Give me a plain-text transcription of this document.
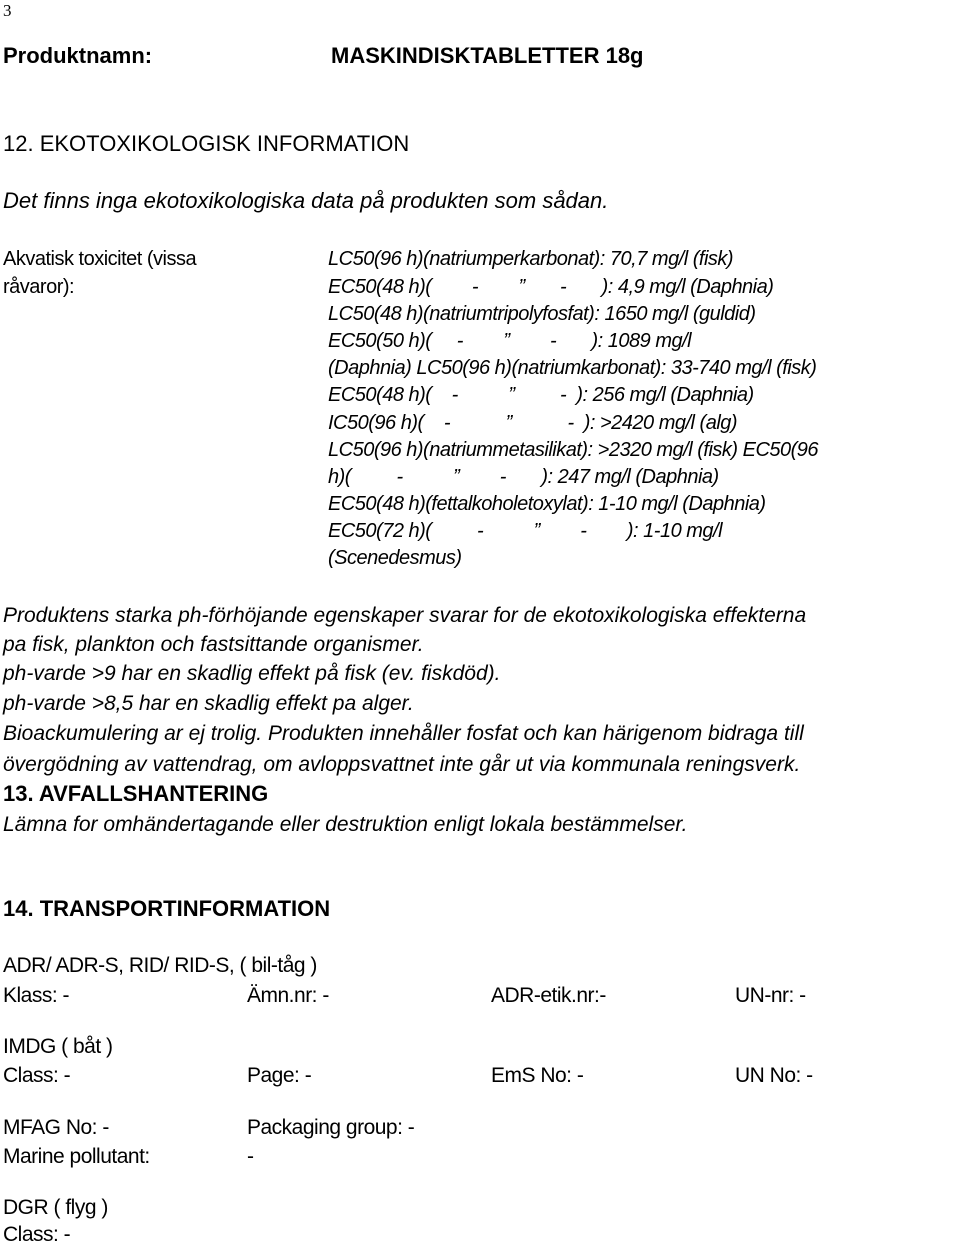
3
Produktnamn:	MASKINDISKTABLETTER 18g
12. EKOTOXIKOLOGISK INFORMATION
Det finns inga ekotoxikologiska data på produkten som sådan.
Akvatisk toxicitet (vissa
råvaror):
LC50(96 h)(natriumperkarbonat): 70,7 mg/l (fisk)
EC50(48 h)(        -        ”       -       ): 4,9 mg/l (Daphnia)
LC50(48 h)(natriumtripolyfosfat): 1650 mg/l (guldid)
EC50(50 h)(     -        ”        -       ): 1089 mg/l
(Daphnia) LC50(96 h)(natriumkarbonat): 33-740 mg/l (fisk)
EC50(48 h)(    -          ”         -  ): 256 mg/l (Daphnia)
IC50(96 h)(    -           ”           -  ): >2420 mg/l (alg)
LC50(96 h)(natriummetasilikat): >2320 mg/l (fisk) EC50(96
h)(         -          ”        -       ): 247 mg/l (Daphnia)
EC50(48 h)(fettalkoholetoxylat): 1-10 mg/l (Daphnia)
EC50(72 h)(         -          ”        -        ): 1-10 mg/l
(Scenedesmus)
Produktens starka ph-förhöjande egenskaper svarar for de ekotoxikologiska effekterna
pa fisk, plankton och fastsittande organismer.
ph-varde >9 har en skadlig effekt på fisk (ev. fiskdöd).
ph-varde >8,5 har en skadlig effekt pa alger.
Bioackumulering ar ej trolig. Produkten innehåller fosfat och kan härigenom bidraga till
övergödning av vattendrag, om avloppsvattnet inte går ut via kommunala reningsverk.
13. AVFALLSHANTERING
Lämna for omhändertagande eller destruktion enligt lokala bestämmelser.
14. TRANSPORTINFORMATION
ADR/ ADR-S, RID/ RID-S, ( bil-tåg )
Klass: -	Ämn.nr: -	ADR-etik.nr:-	UN-nr: -
IMDG ( båt )
Class: -	Page: -	EmS No: -	UN No: -
MFAG No: -	Packaging group: -
Marine pollutant:	-
DGR ( flyg )
Class: -
